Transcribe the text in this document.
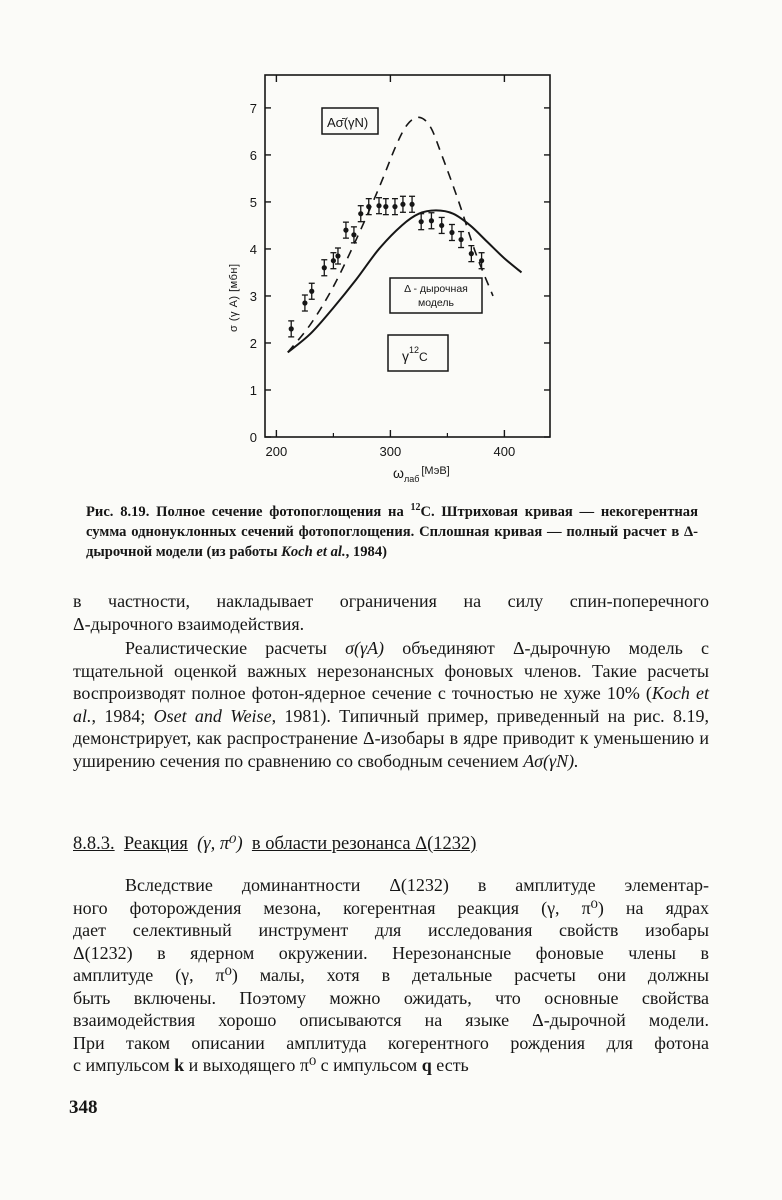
0
1
2
3
4
5
6
7
200	300	400
σ (γ A) [мбн]
$\omega_{лаб}[МэВ]$
Aσ̄(γN)
Δ - дырочная
модель
$\gamma^{12}C$
Рис. 8.19. Полное сечение фотопоглощения на $^{12}$C. Штриховая кривая — некогерентная сумма однонуклонных сечений фотопоглощения. Сплошная кривая — полный расчет в Δ-дырочной модели (из работы Koch et al., 1984)
в частности, накладывает ограничения на силу спин-поперечного
Δ-дырочного взаимодействия.
Реалистические расчеты σ(γA) объединяют Δ-дырочную модель с тщательной оценкой важных нерезонансных фоновых членов. Такие расчеты воспроизводят полное фотон-ядерное сечение с точностью не хуже 10% (Koch et al., 1984; Oset and Weise, 1981). Типичный пример, приведенный на рис. 8.19, демонстрирует, как распространение Δ-изобары в ядре приводит к уменьшению и уширению сечения по сравнению со свободным сечением Aσ(γN).
8.8.3. Реакция (γ, π⁰) в области резонанса Δ(1232)
Вследствие доминантности Δ(1232) в амплитуде элементар-
ного фоторождения мезона, когерентная реакция (γ, π⁰) на ядрах
дает селективный инструмент для исследования свойств изобары
Δ(1232) в ядерном окружении. Нерезонансные фоновые члены в
амплитуде (γ, π⁰) малы, хотя в детальные расчеты они должны
быть включены. Поэтому можно ожидать, что основные свойства
взаимодействия хорошо описываются на языке Δ-дырочной модели.
При таком описании амплитуда когерентного рождения для фотона
с импульсом k и выходящего π⁰ с импульсом q есть
348
